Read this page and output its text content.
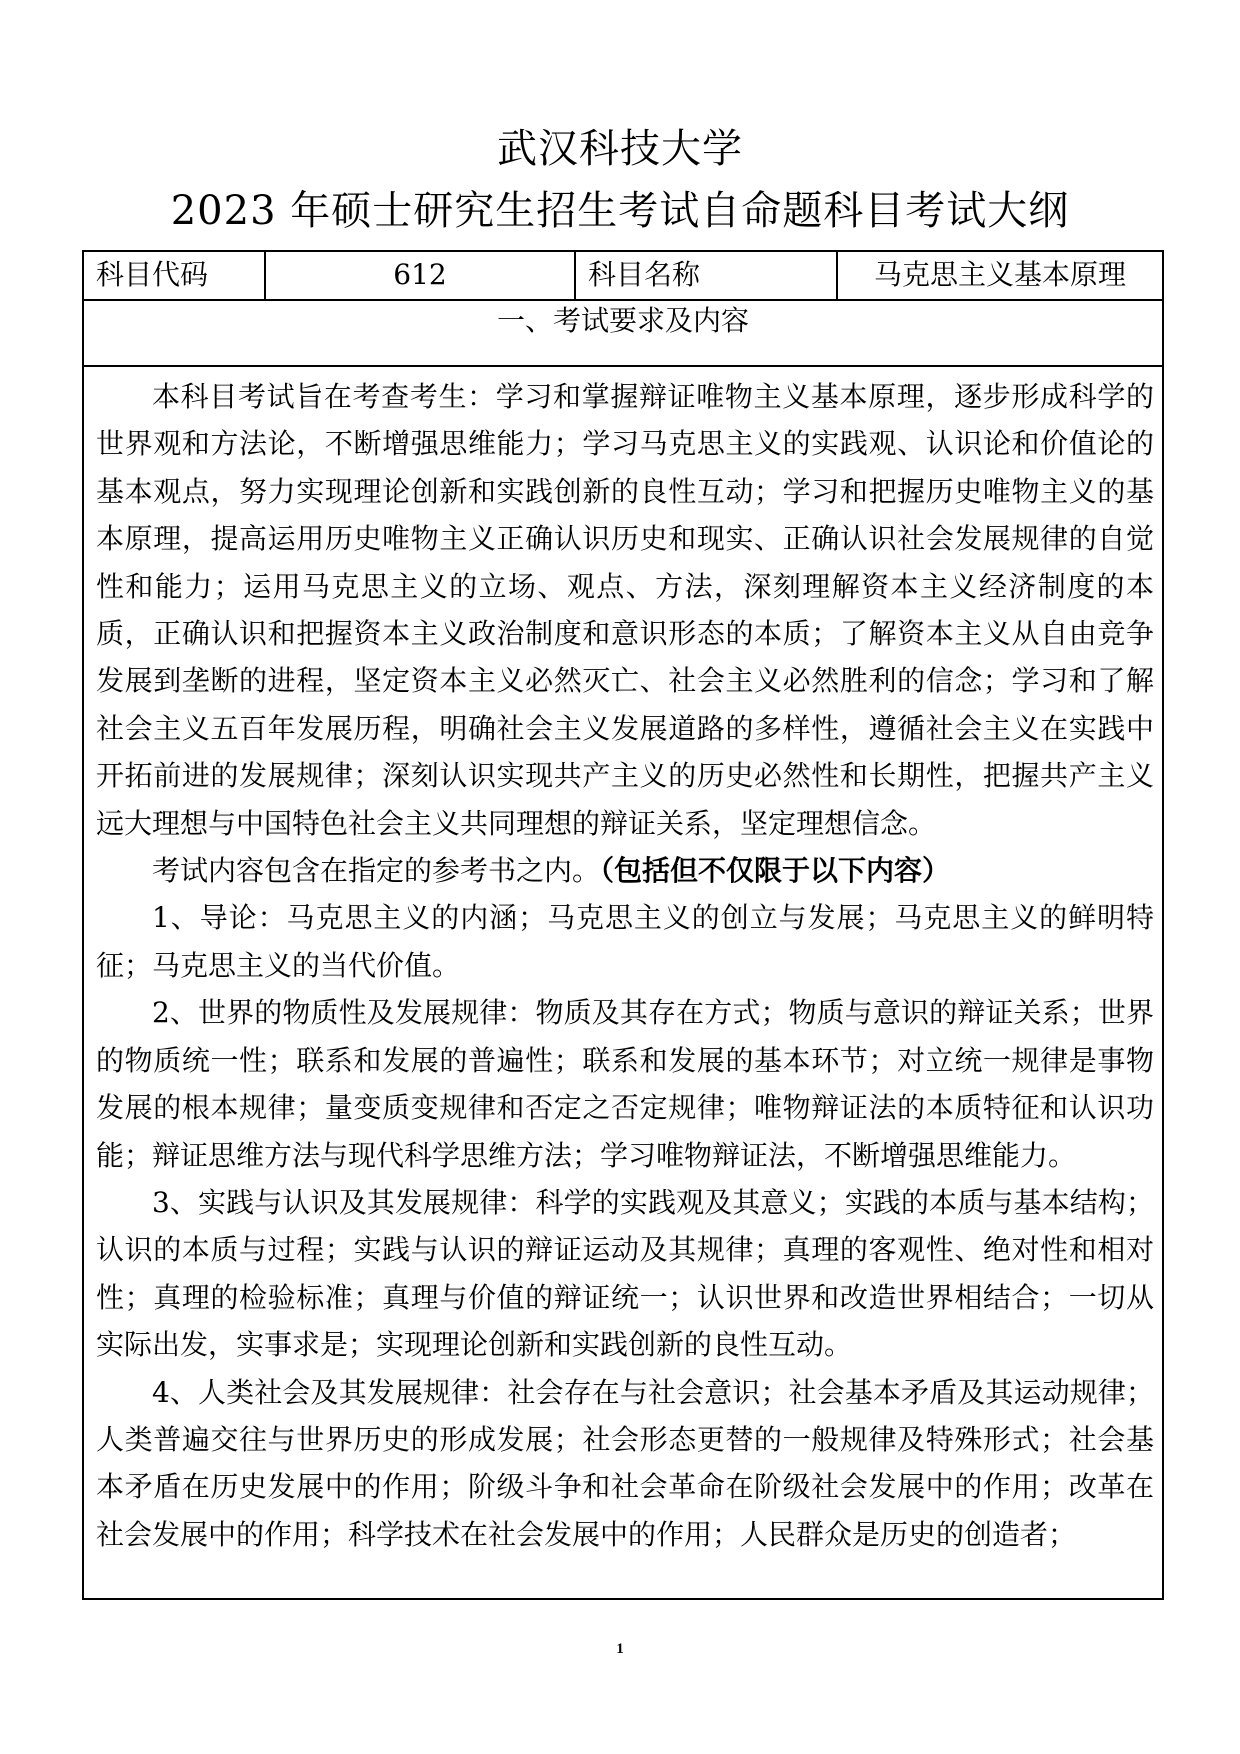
武汉科技大学
2023 年硕士研究生招生考试自命题科目考试大纲
科目代码	612	科目名称	马克思主义基本原理
一、考试要求及内容

本科目考试旨在考查考生：学习和掌握辩证唯物主义基本原理，逐步形成科学的世界观和方法论，不断增强思维能力；学习马克思主义的实践观、认识论和价值论的基本观点，努力实现理论创新和实践创新的良性互动；学习和把握历史唯物主义的基本原理，提高运用历史唯物主义正确认识历史和现实、正确认识社会发展规律的自觉性和能力；运用马克思主义的立场、观点、方法，深刻理解资本主义经济制度的本质，正确认识和把握资本主义政治制度和意识形态的本质；了解资本主义从自由竞争发展到垄断的进程，坚定资本主义必然灭亡、社会主义必然胜利的信念；学习和了解社会主义五百年发展历程，明确社会主义发展道路的多样性，遵循社会主义在实践中开拓前进的发展规律；深刻认识实现共产主义的历史必然性和长期性，把握共产主义远大理想与中国特色社会主义共同理想的辩证关系，坚定理想信念。

考试内容包含在指定的参考书之内。（包括但不仅限于以下内容）

1、导论：马克思主义的内涵；马克思主义的创立与发展；马克思主义的鲜明特征；马克思主义的当代价值。

2、世界的物质性及发展规律：物质及其存在方式；物质与意识的辩证关系；世界的物质统一性；联系和发展的普遍性；联系和发展的基本环节；对立统一规律是事物发展的根本规律；量变质变规律和否定之否定规律；唯物辩证法的本质特征和认识功能；辩证思维方法与现代科学思维方法；学习唯物辩证法，不断增强思维能力。

3、实践与认识及其发展规律：科学的实践观及其意义；实践的本质与基本结构；认识的本质与过程；实践与认识的辩证运动及其规律；真理的客观性、绝对性和相对性；真理的检验标准；真理与价值的辩证统一；认识世界和改造世界相结合；一切从实际出发，实事求是；实现理论创新和实践创新的良性互动。

4、人类社会及其发展规律：社会存在与社会意识；社会基本矛盾及其运动规律；人类普遍交往与世界历史的形成发展；社会形态更替的一般规律及特殊形式；社会基本矛盾在历史发展中的作用；阶级斗争和社会革命在阶级社会发展中的作用；改革在社会发展中的作用；科学技术在社会发展中的作用；人民群众是历史的创造者；

1
